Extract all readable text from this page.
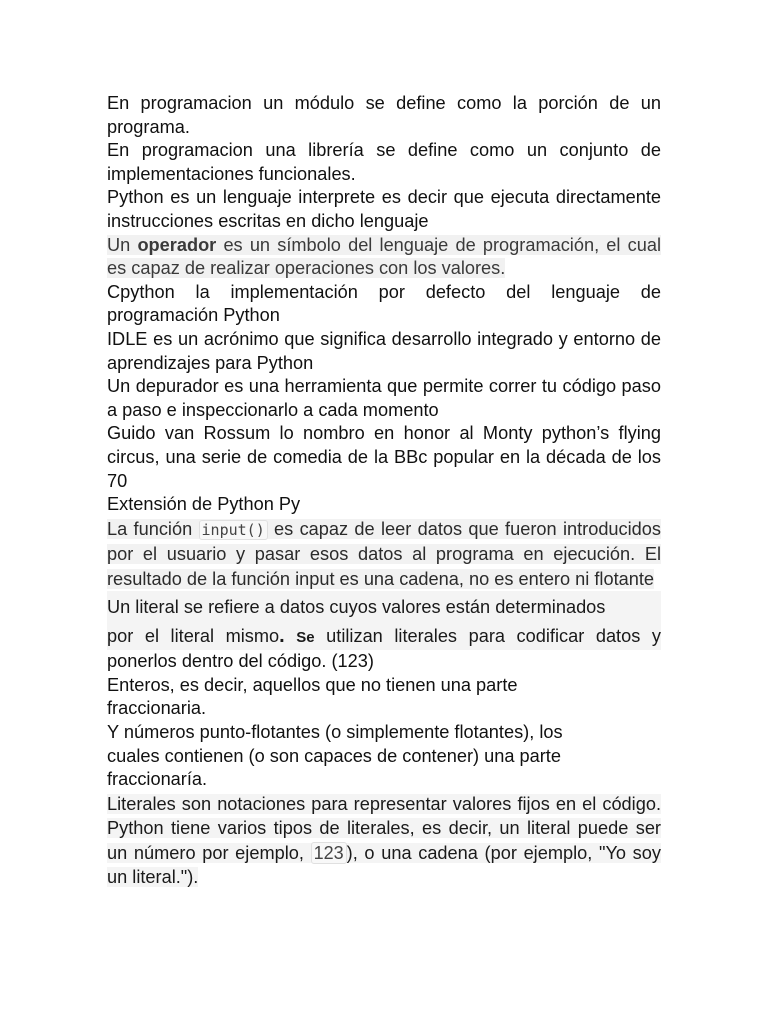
En programacion un módulo se define como la porción de un programa.

En programacion una librería se define como un conjunto de implementaciones funcionales.

Python es un lenguaje interprete es decir que ejecuta directamente instrucciones escritas en dicho lenguaje

Un operador es un símbolo del lenguaje de programación, el cual es capaz de realizar operaciones con los valores.

Cpython la implementación por defecto del lenguaje de programación Python

IDLE es un acrónimo que significa desarrollo integrado y entorno de aprendizajes para Python

Un depurador es una herramienta que permite correr tu código paso a paso e inspeccionarlo a cada momento

Guido van Rossum lo nombro en honor al Monty python’s flying circus, una serie de comedia de la BBc popular en la década de los 70

Extensión de Python Py

La función input() es capaz de leer datos que fueron introducidos por el usuario y pasar esos datos al programa en ejecución. El resultado de la función input es una cadena, no es entero ni flotante

Un literal se refiere a datos cuyos valores están determinados
por el literal mismo. Se utilizan literales para codificar datos y
ponerlos dentro del código. (123)

Enteros, es decir, aquellos que no tienen una parte fraccionaria.

Y números punto-flotantes (o simplemente flotantes), los cuales contienen (o son capaces de contener) una parte fraccionaría.

Literales son notaciones para representar valores fijos en el código. Python tiene varios tipos de literales, es decir, un literal puede ser un número por ejemplo, 123 ), o una cadena (por ejemplo, "Yo soy un literal.").
